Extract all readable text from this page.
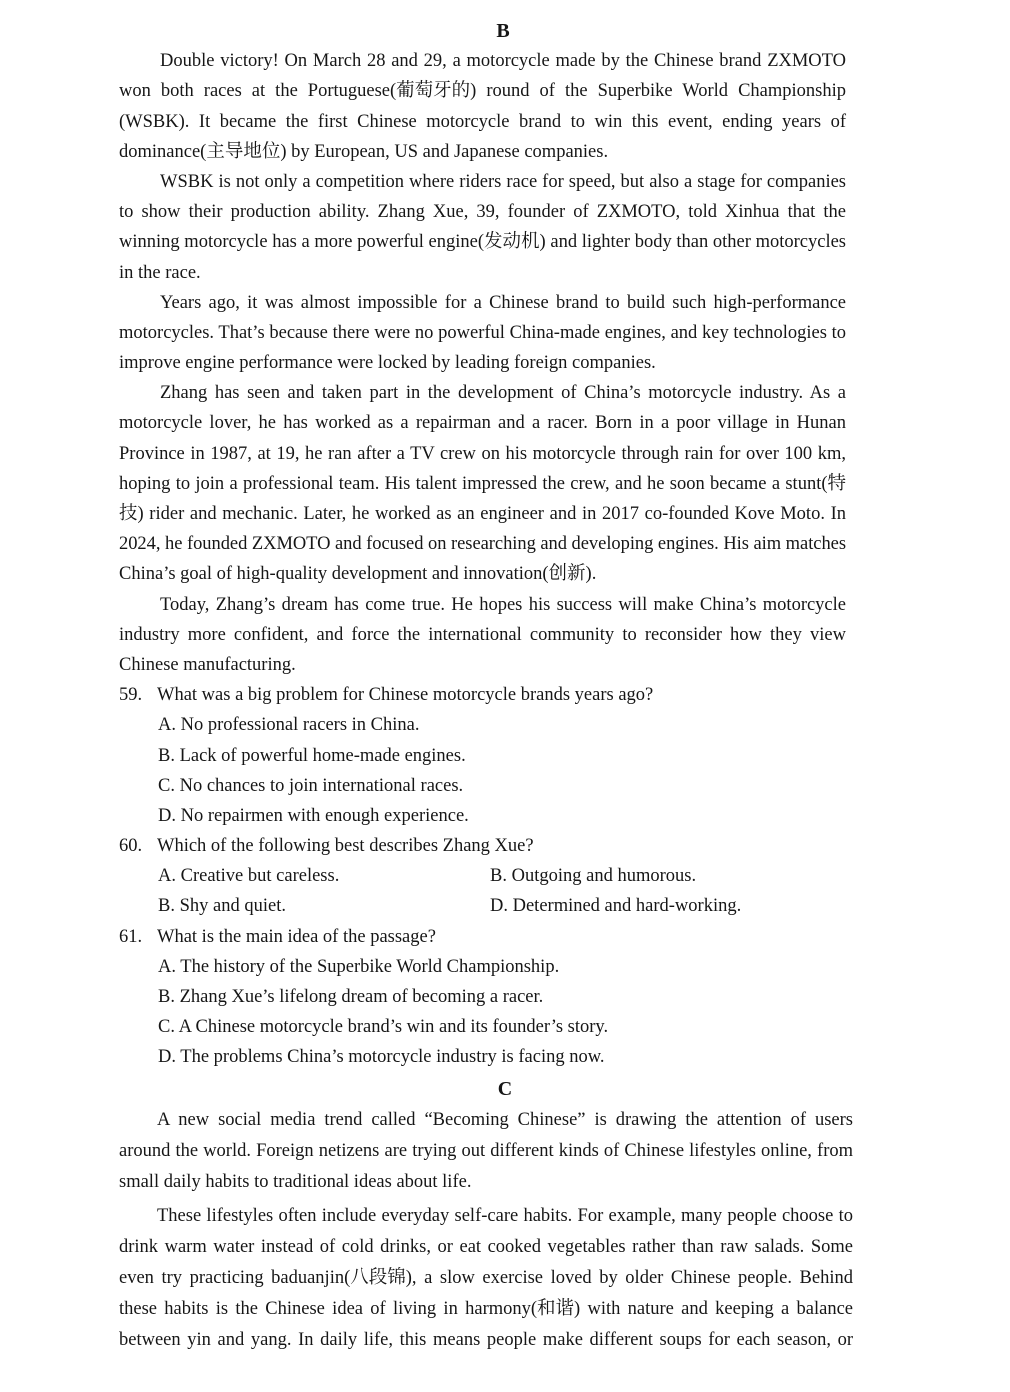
B
Double victory! On March 28 and 29, a motorcycle made by the Chinese brand ZXMOTO
won both races at the Portuguese(葡萄牙的) round of the Superbike World Championship
(WSBK). It became the first Chinese motorcycle brand to win this event, ending years of
dominance(主导地位) by European, US and Japanese companies.
WSBK is not only a competition where riders race for speed, but also a stage for companies
to show their production ability. Zhang Xue, 39, founder of ZXMOTO, told Xinhua that the
winning motorcycle has a more powerful engine(发动机) and lighter body than other motorcycles
in the race.
Years ago, it was almost impossible for a Chinese brand to build such high-performance
motorcycles. That’s because there were no powerful China-made engines, and key technologies to
improve engine performance were locked by leading foreign companies.
Zhang has seen and taken part in the development of China’s motorcycle industry. As a
motorcycle lover, he has worked as a repairman and a racer. Born in a poor village in Hunan
Province in 1987, at 19, he ran after a TV crew on his motorcycle through rain for over 100 km,
hoping to join a professional team. His talent impressed the crew, and he soon became a stunt(特
技) rider and mechanic. Later, he worked as an engineer and in 2017 co-founded Kove Moto. In
2024, he founded ZXMOTO and focused on researching and developing engines. His aim matches
China’s goal of high-quality development and innovation(创新).
Today, Zhang’s dream has come true. He hopes his success will make China’s motorcycle
industry more confident, and force the international community to reconsider how they view
Chinese manufacturing.
59. What was a big problem for Chinese motorcycle brands years ago?
A. No professional racers in China.
B. Lack of powerful home-made engines.
C. No chances to join international races.
D. No repairmen with enough experience.
60. Which of the following best describes Zhang Xue?
A. Creative but careless.	B. Outgoing and humorous.
B. Shy and quiet.	D. Determined and hard-working.
61. What is the main idea of the passage?
A. The history of the Superbike World Championship.
B. Zhang Xue’s lifelong dream of becoming a racer.
C. A Chinese motorcycle brand’s win and its founder’s story.
D. The problems China’s motorcycle industry is facing now.
C
A new social media trend called “Becoming Chinese” is drawing the attention of users
around the world. Foreign netizens are trying out different kinds of Chinese lifestyles online, from
small daily habits to traditional ideas about life.
These lifestyles often include everyday self-care habits. For example, many people choose to
drink warm water instead of cold drinks, or eat cooked vegetables rather than raw salads. Some
even try practicing baduanjin(八段锦), a slow exercise loved by older Chinese people. Behind
these habits is the Chinese idea of living in harmony(和谐) with nature and keeping a balance
between yin and yang. In daily life, this means people make different soups for each season, or
